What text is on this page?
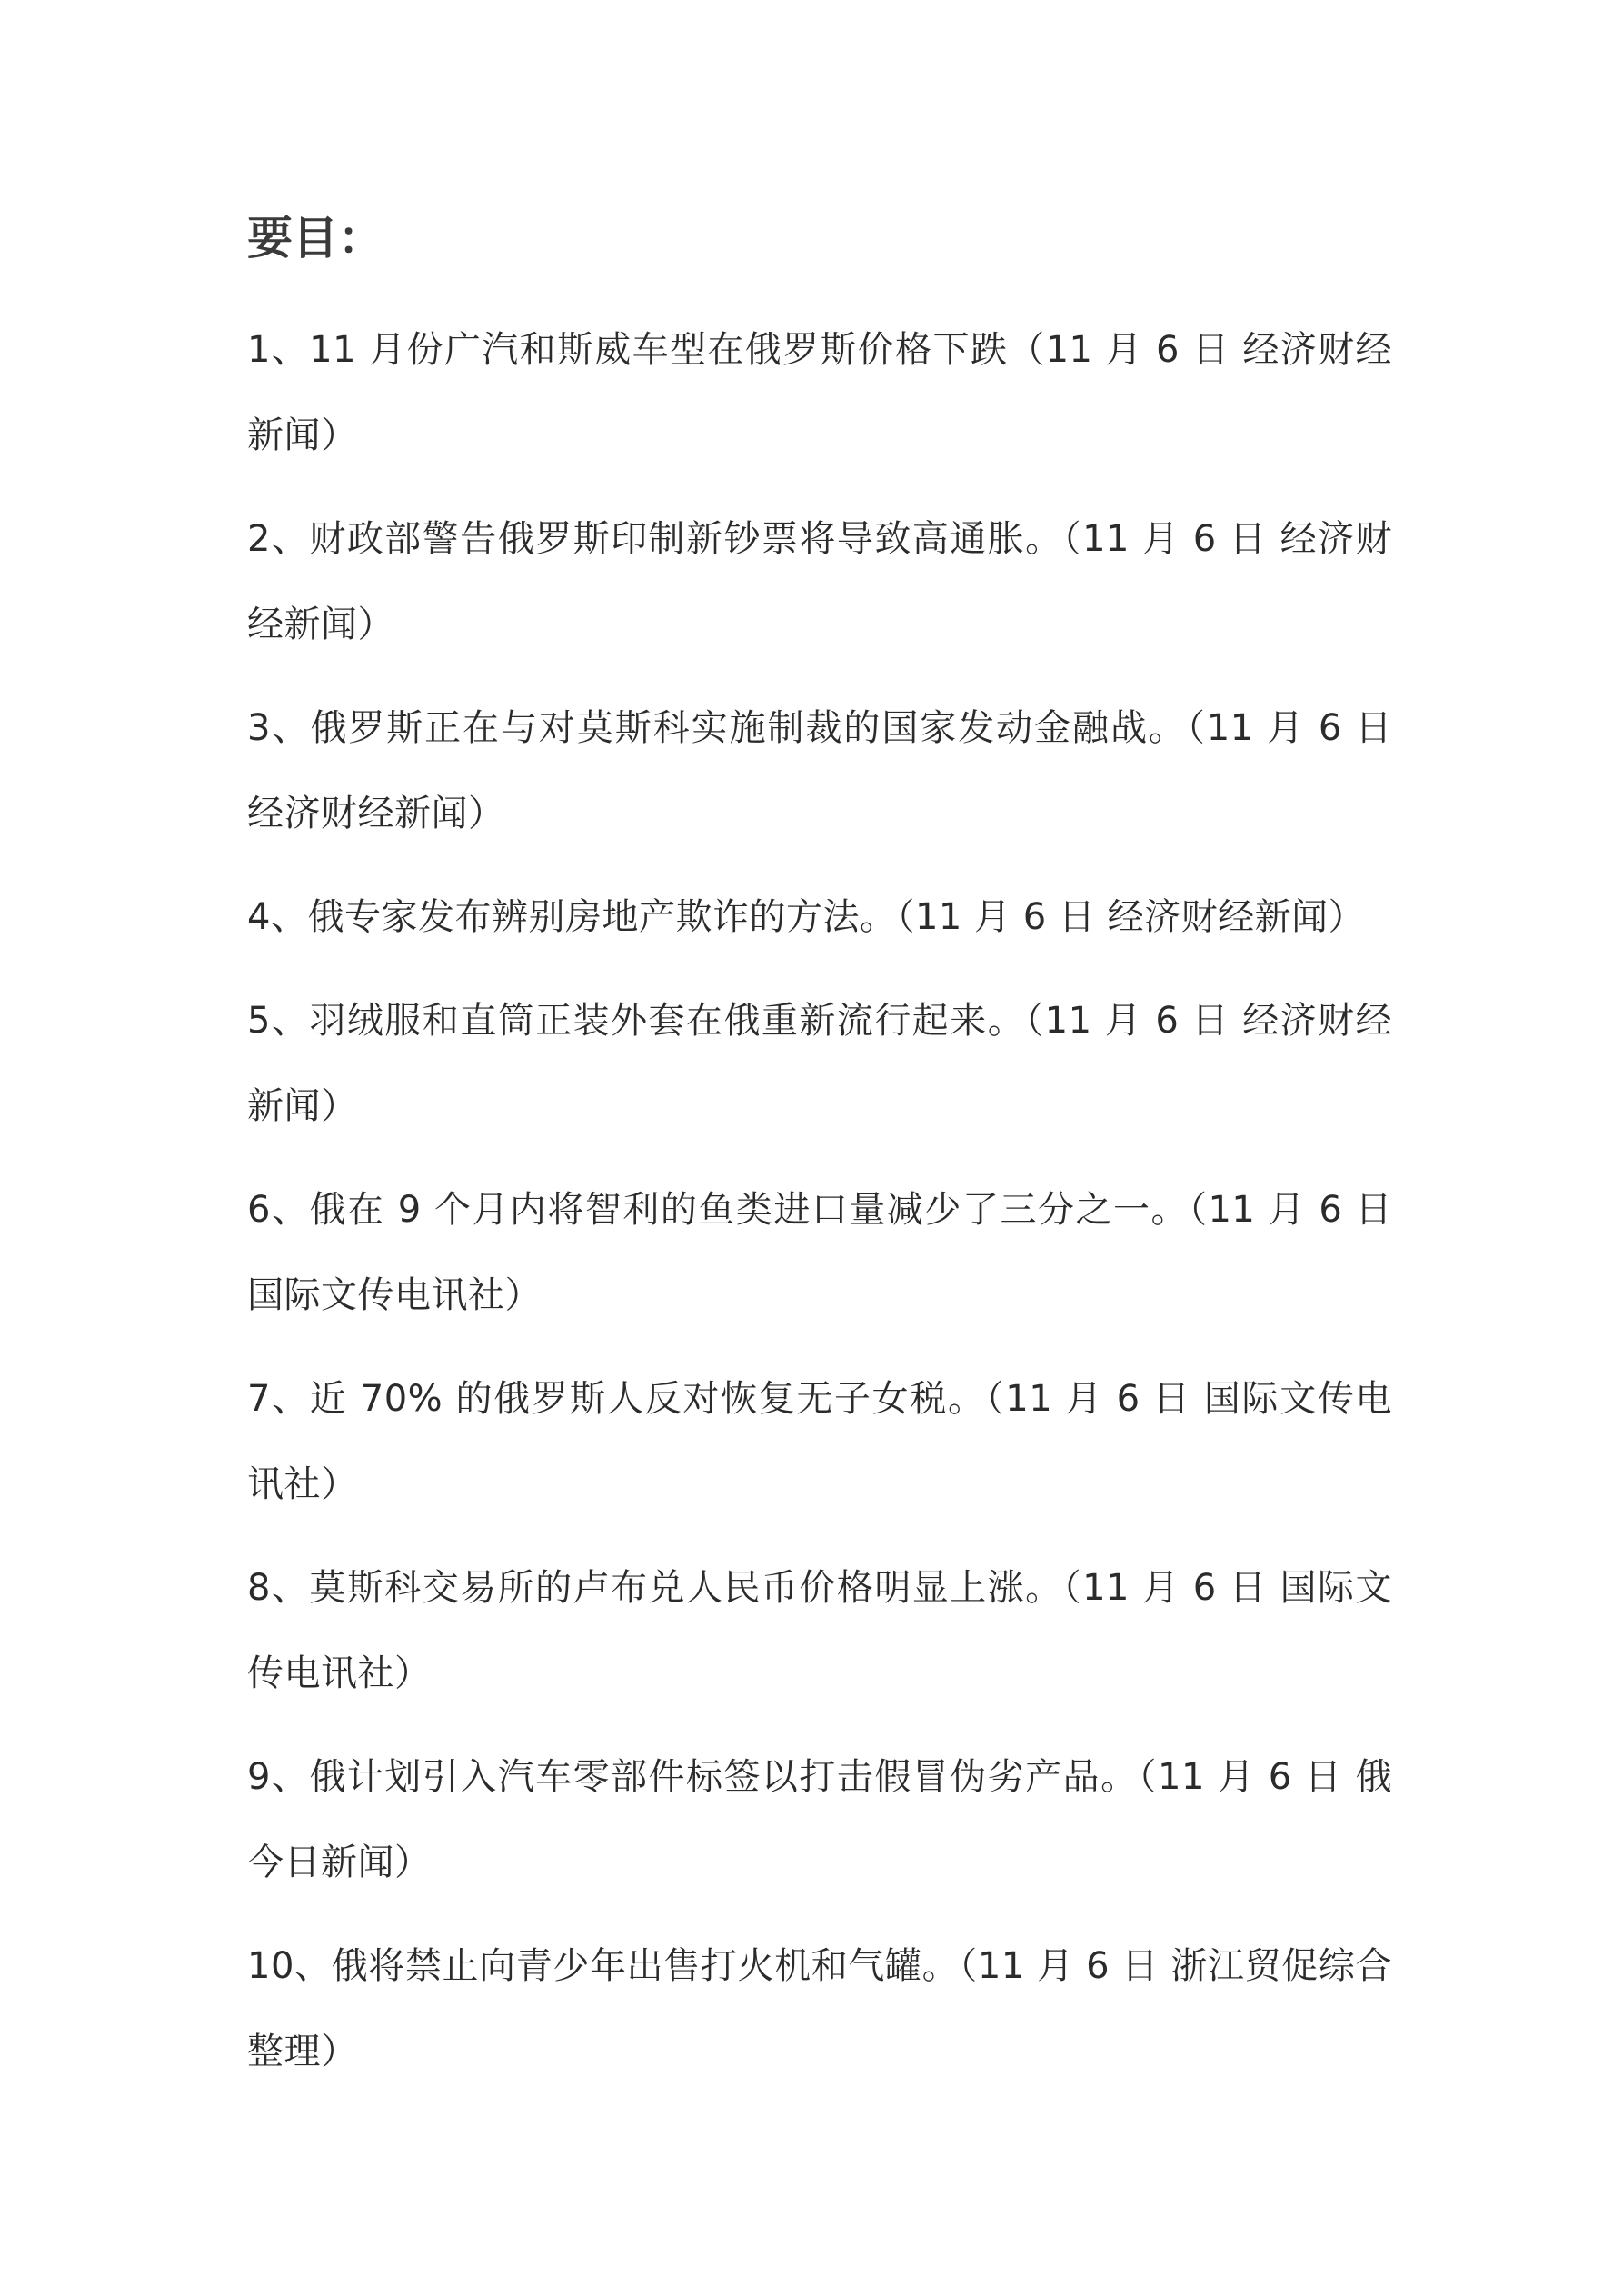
要目：
1、11 月份广汽和斯威车型在俄罗斯价格下跌（11 月 6 日 经济财经新闻）
2、财政部警告俄罗斯印制新钞票将导致高通胀。（11 月 6 日 经济财经新闻）
3、俄罗斯正在与对莫斯科实施制裁的国家发动金融战。（11 月 6 日 经济财经新闻）
4、俄专家发布辨别房地产欺诈的方法。（11 月 6 日 经济财经新闻）
5、羽绒服和直筒正装外套在俄重新流行起来。（11 月 6 日 经济财经新闻）
6、俄在 9 个月内将智利的鱼类进口量减少了三分之一。（11 月 6 日 国际文传电讯社）
7、近 70% 的俄罗斯人反对恢复无子女税。（11 月 6 日 国际文传电讯社）
8、莫斯科交易所的卢布兑人民币价格明显上涨。（11 月 6 日 国际文传电讯社）
9、俄计划引入汽车零部件标签以打击假冒伪劣产品。（11 月 6 日 俄今日新闻）
10、俄将禁止向青少年出售打火机和气罐。（11 月 6 日 浙江贸促综合整理）
